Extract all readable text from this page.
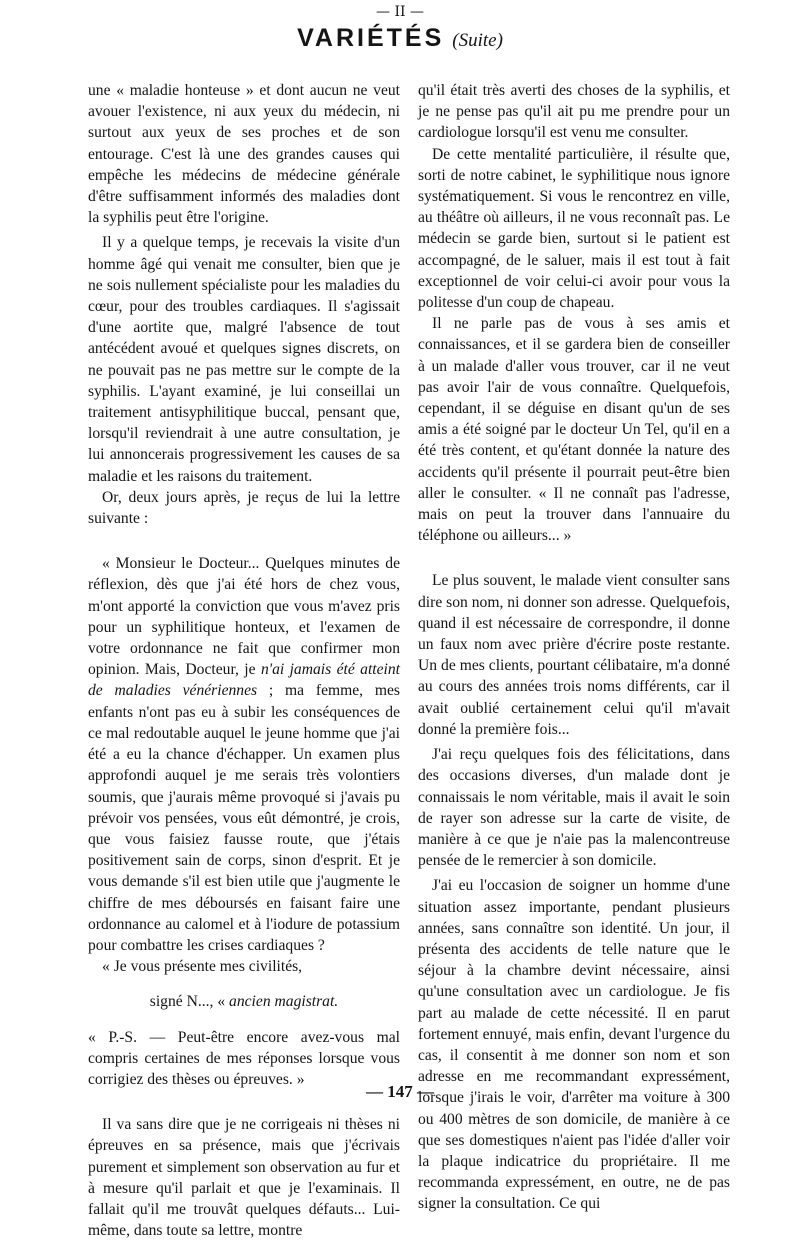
— II —
VARIÉTÉS (Suite)

une « maladie honteuse » et dont aucun ne veut avouer l'existence, ni aux yeux du médecin, ni surtout aux yeux de ses proches et de son entourage. C'est là une des grandes causes qui empêche les médecins de médecine générale d'être suffisamment informés des maladies dont la syphilis peut être l'origine.

Il y a quelque temps, je recevais la visite d'un homme âgé qui venait me consulter, bien que je ne sois nullement spécialiste pour les maladies du cœur, pour des troubles cardiaques. Il s'agissait d'une aortite que, malgré l'absence de tout antécédent avoué et quelques signes discrets, on ne pouvait pas ne pas mettre sur le compte de la syphilis. L'ayant examiné, je lui conseillai un traitement antisyphilitique buccal, pensant que, lorsqu'il reviendrait à une autre consultation, je lui annoncerais progressivement les causes de sa maladie et les raisons du traitement.

Or, deux jours après, je reçus de lui la lettre suivante :

« Monsieur le Docteur... Quelques minutes de réflexion, dès que j'ai été hors de chez vous, m'ont apporté la conviction que vous m'avez pris pour un syphilitique honteux, et l'examen de votre ordonnance ne fait que confirmer mon opinion. Mais, Docteur, je n'ai jamais été atteint de maladies vénériennes ; ma femme, mes enfants n'ont pas eu à subir les conséquences de ce mal redoutable auquel le jeune homme que j'ai été a eu la chance d'échapper. Un examen plus approfondi auquel je me serais très volontiers soumis, que j'aurais même provoqué si j'avais pu prévoir vos pensées, vous eût démontré, je crois, que vous faisiez fausse route, que j'étais positivement sain de corps, sinon d'esprit. Et je vous demande s'il est bien utile que j'augmente le chiffre de mes déboursés en faisant faire une ordonnance au calomel et à l'iodure de potassium pour combattre les crises cardiaques ?

« Je vous présente mes civilités,

signé N..., « ancien magistrat.

« P.-S. — Peut-être encore avez-vous mal compris certaines de mes réponses lorsque vous corrigiez des thèses ou épreuves. »

Il va sans dire que je ne corrigeais ni thèses ni épreuves en sa présence, mais que j'écrivais purement et simplement son observation au fur et à mesure qu'il parlait et que je l'examinais. Il fallait qu'il me trouvât quelques défauts... Lui-même, dans toute sa lettre, montre

qu'il était très averti des choses de la syphilis, et je ne pense pas qu'il ait pu me prendre pour un cardiologue lorsqu'il est venu me consulter.

De cette mentalité particulière, il résulte que, sorti de notre cabinet, le syphilitique nous ignore systématiquement. Si vous le rencontrez en ville, au théâtre où ailleurs, il ne vous reconnaît pas. Le médecin se garde bien, surtout si le patient est accompagné, de le saluer, mais il est tout à fait exceptionnel de voir celui-ci avoir pour vous la politesse d'un coup de chapeau.

Il ne parle pas de vous à ses amis et connaissances, et il se gardera bien de conseiller à un malade d'aller vous trouver, car il ne veut pas avoir l'air de vous connaître. Quelquefois, cependant, il se déguise en disant qu'un de ses amis a été soigné par le docteur Un Tel, qu'il en a été très content, et qu'étant donnée la nature des accidents qu'il présente il pourrait peut-être bien aller le consulter. « Il ne connaît pas l'adresse, mais on peut la trouver dans l'annuaire du téléphone ou ailleurs... »

Le plus souvent, le malade vient consulter sans dire son nom, ni donner son adresse. Quelquefois, quand il est nécessaire de correspondre, il donne un faux nom avec prière d'écrire poste restante. Un de mes clients, pourtant célibataire, m'a donné au cours des années trois noms différents, car il avait oublié certainement celui qu'il m'avait donné la première fois...

J'ai reçu quelques fois des félicitations, dans des occasions diverses, d'un malade dont je connaissais le nom véritable, mais il avait le soin de rayer son adresse sur la carte de visite, de manière à ce que je n'aie pas la malencontreuse pensée de le remercier à son domicile.

J'ai eu l'occasion de soigner un homme d'une situation assez importante, pendant plusieurs années, sans connaître son identité. Un jour, il présenta des accidents de telle nature que le séjour à la chambre devint nécessaire, ainsi qu'une consultation avec un cardiologue. Je fis part au malade de cette nécessité. Il en parut fortement ennuyé, mais enfin, devant l'urgence du cas, il consentit à me donner son nom et son adresse en me recommandant expressément, lorsque j'irais le voir, d'arrêter ma voiture à 300 ou 400 mètres de son domicile, de manière à ce que ses domestiques n'aient pas l'idée d'aller voir la plaque indicatrice du propriétaire. Il me recommanda expressément, en outre, ne de pas signer la consultation. Ce qui

— 147 —
